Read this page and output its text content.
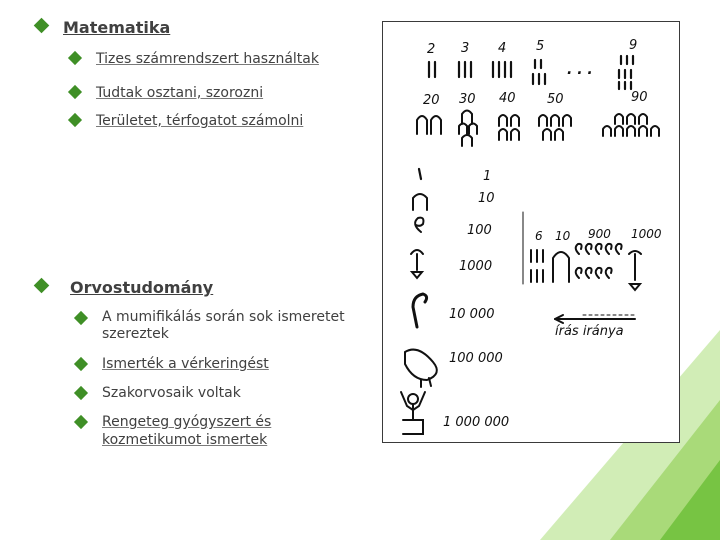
Matematika
Tizes számrendszert használtak
Tudtak osztani, szorozni
Területet, térfogatot számolni
Orvostudomány
A mumifikálás során sok ismeretet
szereztek
Ismerték a vérkeringést
Szakorvosaik voltak
Rengeteg gyógyszert és
kozmetikumot ismertek
2 3 4 5	9
. . .
20 30 40 50	90
1
10
100
1000
10 000
100 000
1 000 000
6 10 900 1000
írás iránya
